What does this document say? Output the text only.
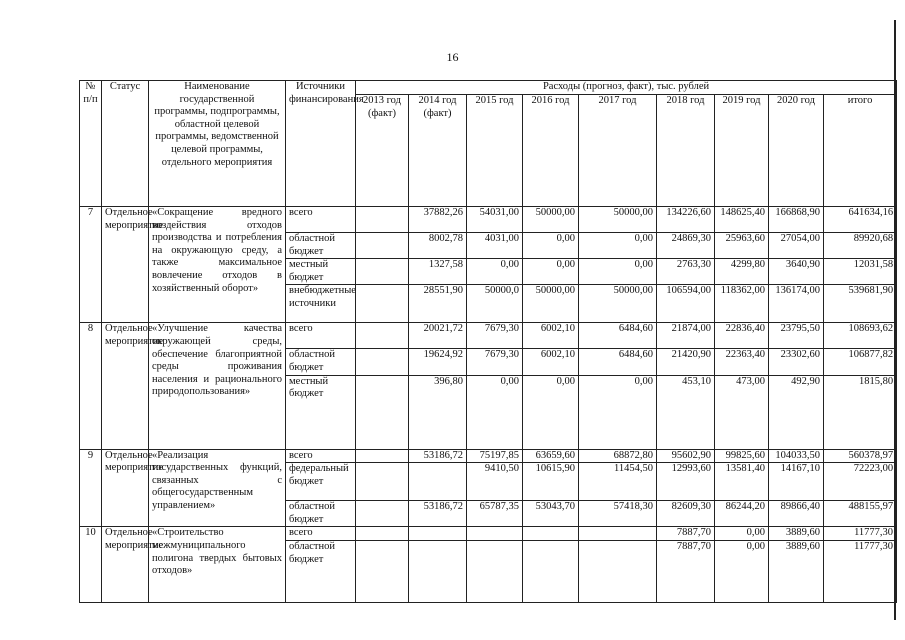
16
№ п/п	Статус	Наименование государственной программы, подпрограммы, областной целевой программы, ведомственной целевой программы, отдельного мероприятия	Источники финансирования	Расходы (прогноз, факт), тыс. рублей								
				2013 год (факт)	2014 год (факт)	2015 год	2016 год	2017 год	2018 год	2019 год	2020 год	итого
7	Отдельное мероприятие	«Сокращение вредного воздействия отходов производства и потребления на окружающую среду, а также максимальное вовлечение отходов в хозяйственный оборот»	всего		37882,26	54031,00	50000,00	50000,00	134226,60	148625,40	166868,90	641634,16
			областной бюджет		8002,78	4031,00	0,00	0,00	24869,30	25963,60	27054,00	89920,68
			местный бюджет		1327,58	0,00	0,00	0,00	2763,30	4299,80	3640,90	12031,58
			внебюджетные источники		28551,90	50000,0	50000,00	50000,00	106594,00	118362,00	136174,00	539681,90
8	Отдельное мероприятие	«Улучшение качества окружающей среды, обеспечение благоприятной среды проживания населения и рационального природопользования»	всего		20021,72	7679,30	6002,10	6484,60	21874,00	22836,40	23795,50	108693,62
			областной бюджет		19624,92	7679,30	6002,10	6484,60	21420,90	22363,40	23302,60	106877,82
			местный бюджет		396,80	0,00	0,00	0,00	453,10	473,00	492,90	1815,80
9	Отдельное мероприятие	«Реализация государственных функций, связанных с общегосударственным управлением»	всего		53186,72	75197,85	63659,60	68872,80	95602,90	99825,60	104033,50	560378,97
			федеральный бюджет			9410,50	10615,90	11454,50	12993,60	13581,40	14167,10	72223,00
			областной бюджет		53186,72	65787,35	53043,70	57418,30	82609,30	86244,20	89866,40	488155,97
10	Отдельное мероприятие	«Строительство межмуниципального полигона твердых бытовых отходов»	всего						7887,70	0,00	3889,60	11777,30
			областной бюджет						7887,70	0,00	3889,60	11777,30
